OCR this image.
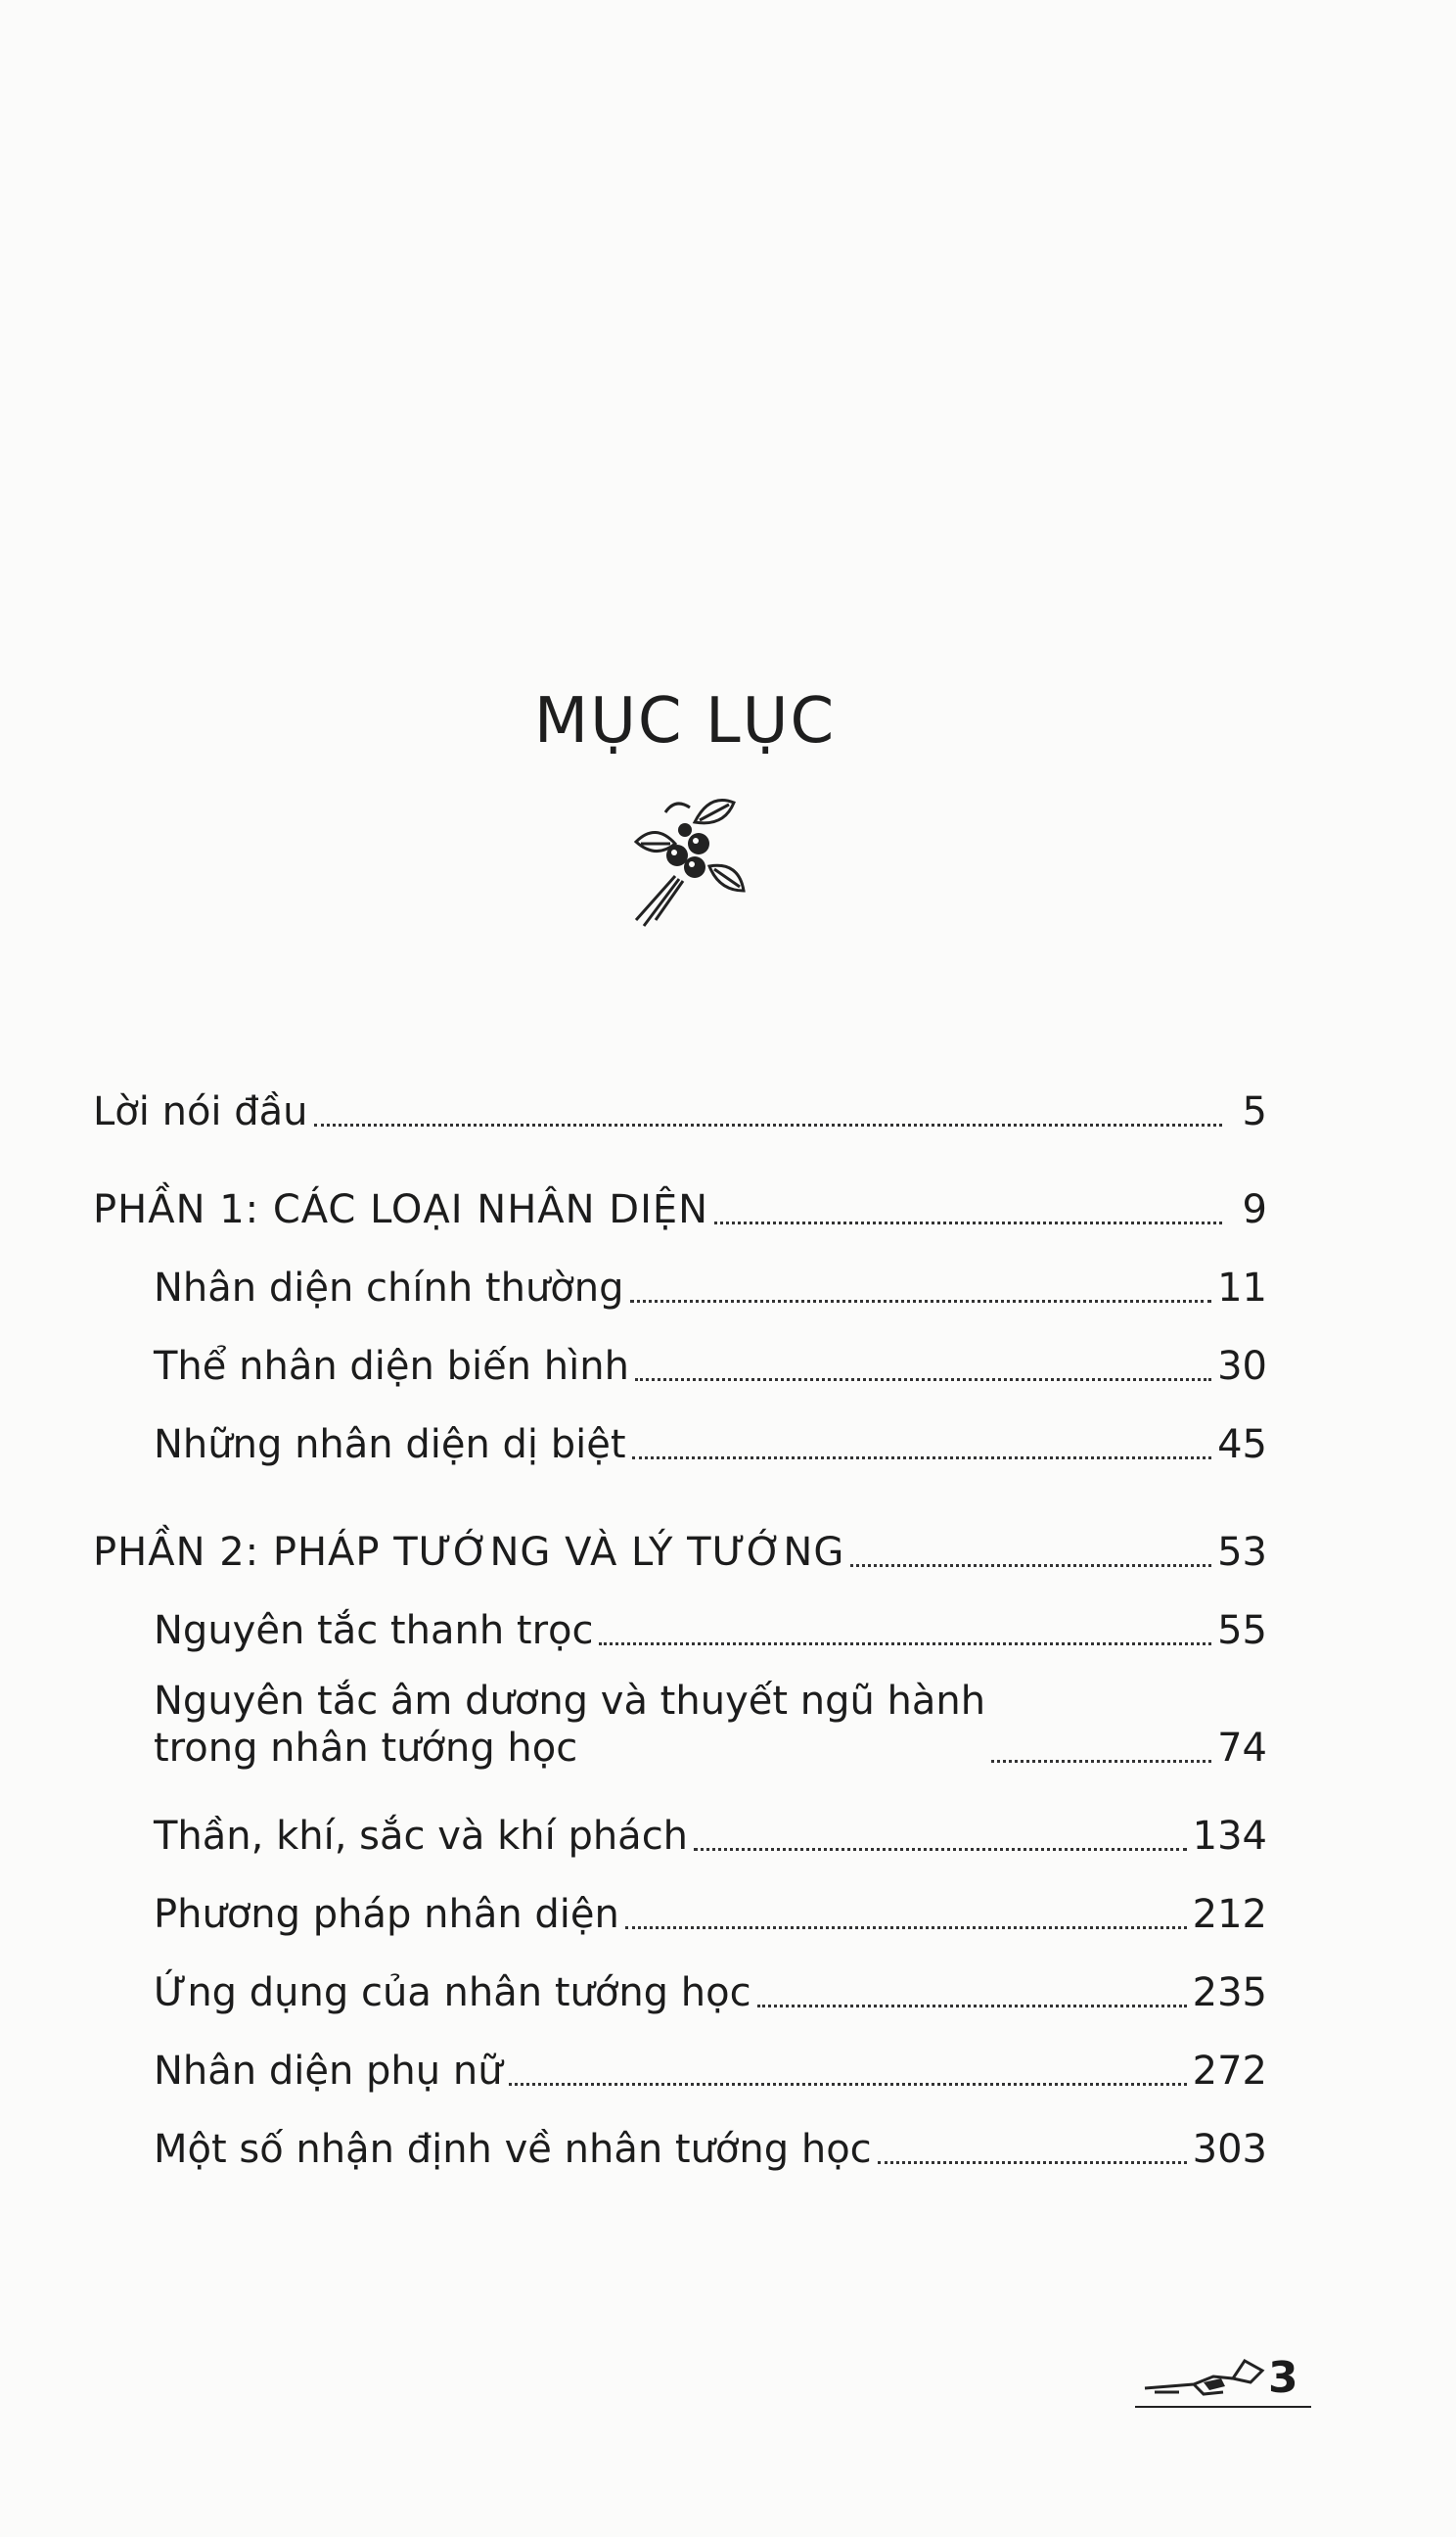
MỤC LỤC
Lời nói đầu	5
PHẦN 1: CÁC LOẠI NHÂN DIỆN	9
Nhân diện chính thường	11
Thể nhân diện biến hình	30
Những nhân diện dị biệt	45
PHẦN 2: PHÁP TƯỚNG VÀ LÝ TƯỚNG	53
Nguyên tắc thanh trọc	55
Nguyên tắc âm dương và thuyết ngũ hành
trong nhân tướng học	74
Thần, khí, sắc và khí phách	134
Phương pháp nhân diện	212
Ứng dụng của nhân tướng học	235
Nhân diện phụ nữ	272
Một số nhận định về nhân tướng học	303
3
